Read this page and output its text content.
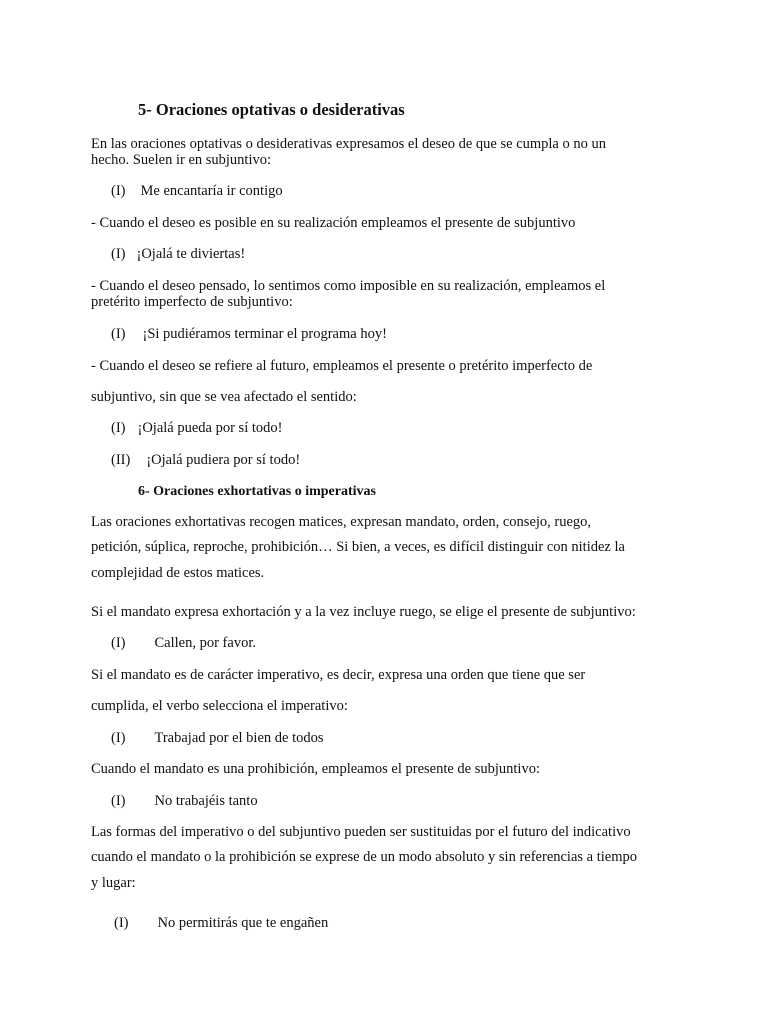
5- Oraciones optativas o desiderativas
En las oraciones optativas o desiderativas expresamos el deseo de que se cumpla o no un
hecho. Suelen ir en subjuntivo:
(I) Me encantaría ir contigo
- Cuando el deseo es posible en su realización empleamos el presente de subjuntivo
(I) ¡Ojalá te diviertas!
- Cuando el deseo pensado, lo sentimos como imposible en su realización, empleamos el
pretérito imperfecto de subjuntivo:
(I) ¡Si pudiéramos terminar el programa hoy!
- Cuando el deseo se refiere al futuro, empleamos el presente o pretérito imperfecto de
subjuntivo, sin que se vea afectado el sentido:
(I) ¡Ojalá pueda por sí todo!
(II) ¡Ojalá pudiera por sí todo!
6- Oraciones exhortativas o imperativas
Las oraciones exhortativas recogen matices, expresan mandato, orden, consejo, ruego,
petición, súplica, reproche, prohibición… Si bien, a veces, es difícil distinguir con nitidez la
complejidad de estos matices.
Si el mandato expresa exhortación y a la vez incluye ruego, se elige el presente de subjuntivo:
(I) Callen, por favor.
Si el mandato es de carácter imperativo, es decir, expresa una orden que tiene que ser
cumplida, el verbo selecciona el imperativo:
(I) Trabajad por el bien de todos
Cuando el mandato es una prohibición, empleamos el presente de subjuntivo:
(I) No trabajéis tanto
Las formas del imperativo o del subjuntivo pueden ser sustituidas por el futuro del indicativo
cuando el mandato o la prohibición se exprese de un modo absoluto y sin referencias a tiempo
y lugar:
(I) No permitirás que te engañen
